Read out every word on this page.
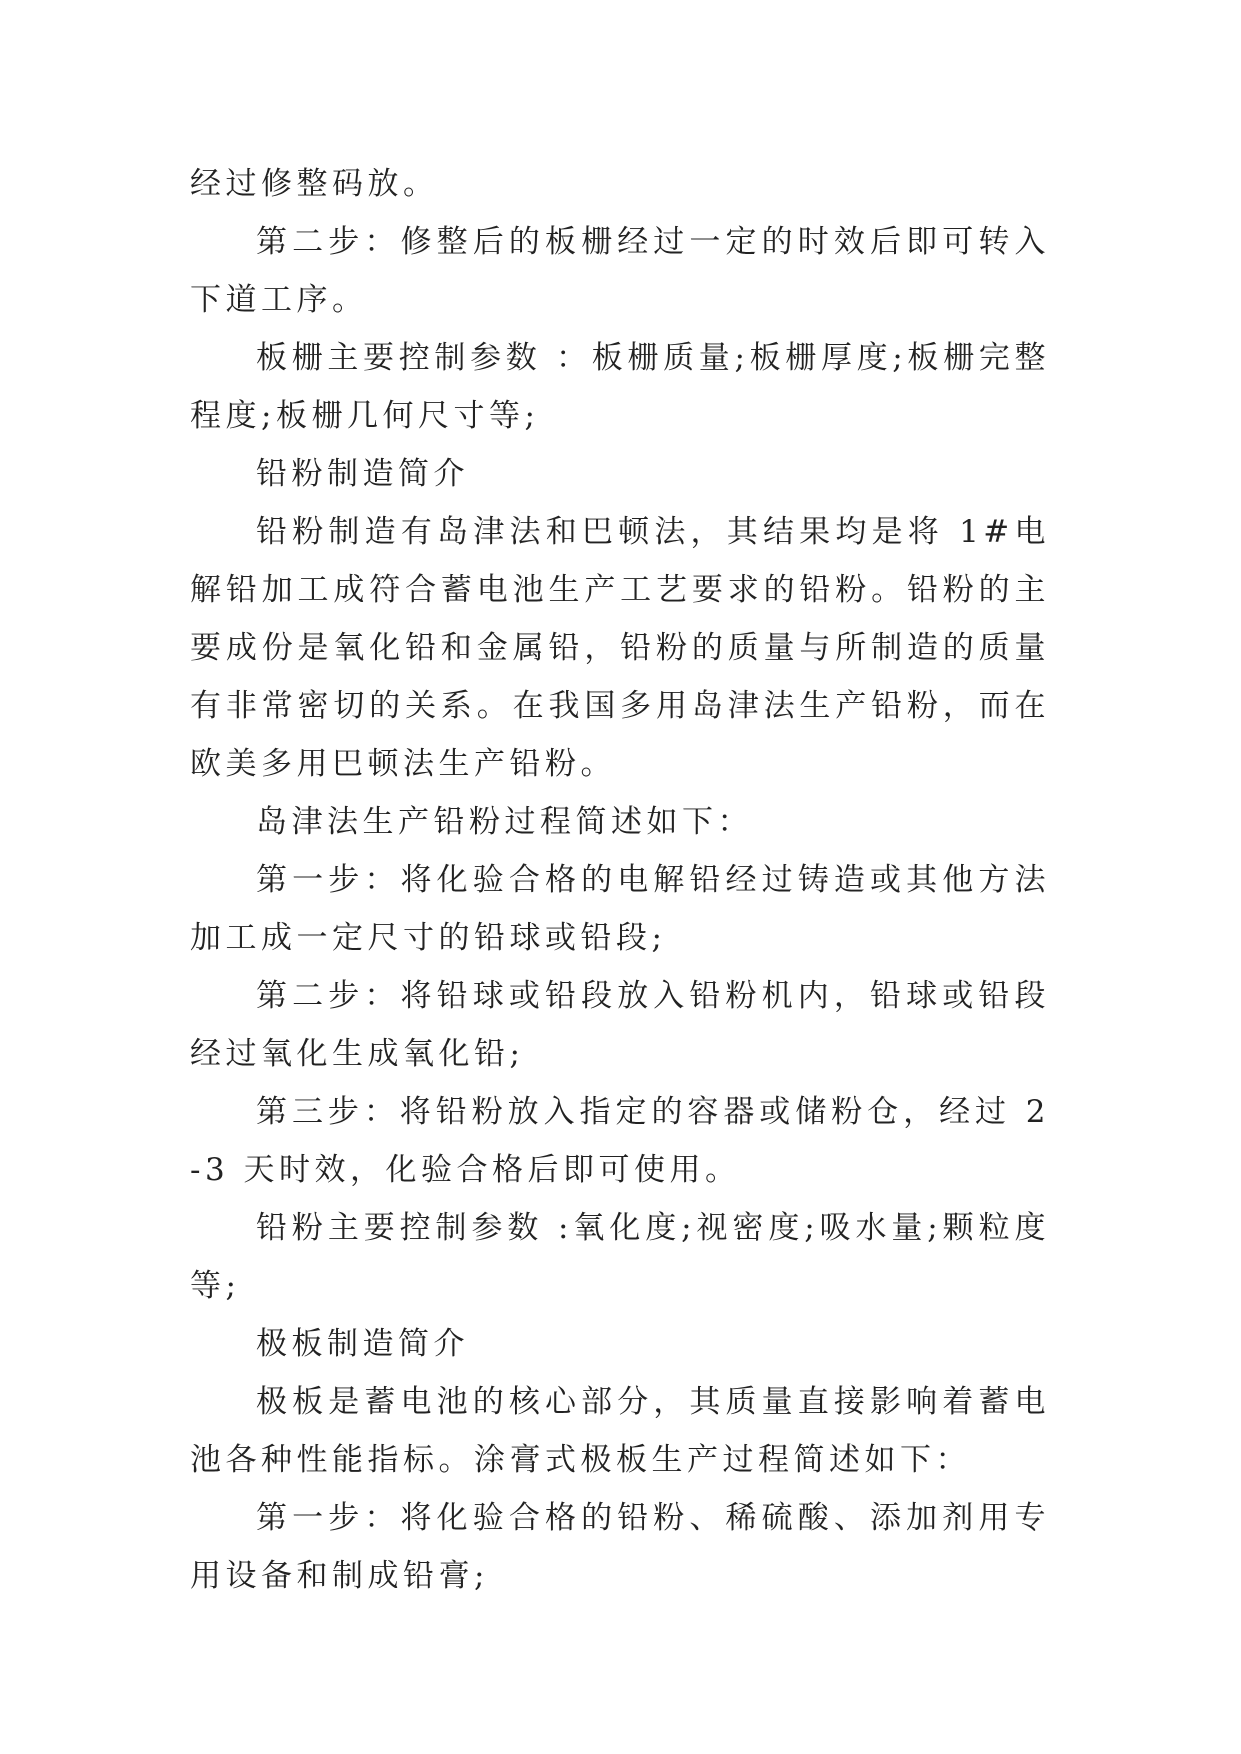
经过修整码放。

第二步：修整后的板栅经过一定的时效后即可转入下道工序。

板栅主要控制参数 ：板栅质量;板栅厚度;板栅完整程度;板栅几何尺寸等;

铅粉制造简介

铅粉制造有岛津法和巴顿法，其结果均是将 1#电解铅加工成符合蓄电池生产工艺要求的铅粉。铅粉的主要成份是氧化铅和金属铅，铅粉的质量与所制造的质量有非常密切的关系。在我国多用岛津法生产铅粉，而在欧美多用巴顿法生产铅粉。

岛津法生产铅粉过程简述如下：

第一步：将化验合格的电解铅经过铸造或其他方法加工成一定尺寸的铅球或铅段;

第二步：将铅球或铅段放入铅粉机内，铅球或铅段经过氧化生成氧化铅;

第三步：将铅粉放入指定的容器或储粉仓，经过 2-3 天时效，化验合格后即可使用。

铅粉主要控制参数 :氧化度;视密度;吸水量;颗粒度等;

极板制造简介

极板是蓄电池的核心部分，其质量直接影响着蓄电池各种性能指标。涂膏式极板生产过程简述如下：

第一步：将化验合格的铅粉、稀硫酸、添加剂用专用设备和制成铅膏;
